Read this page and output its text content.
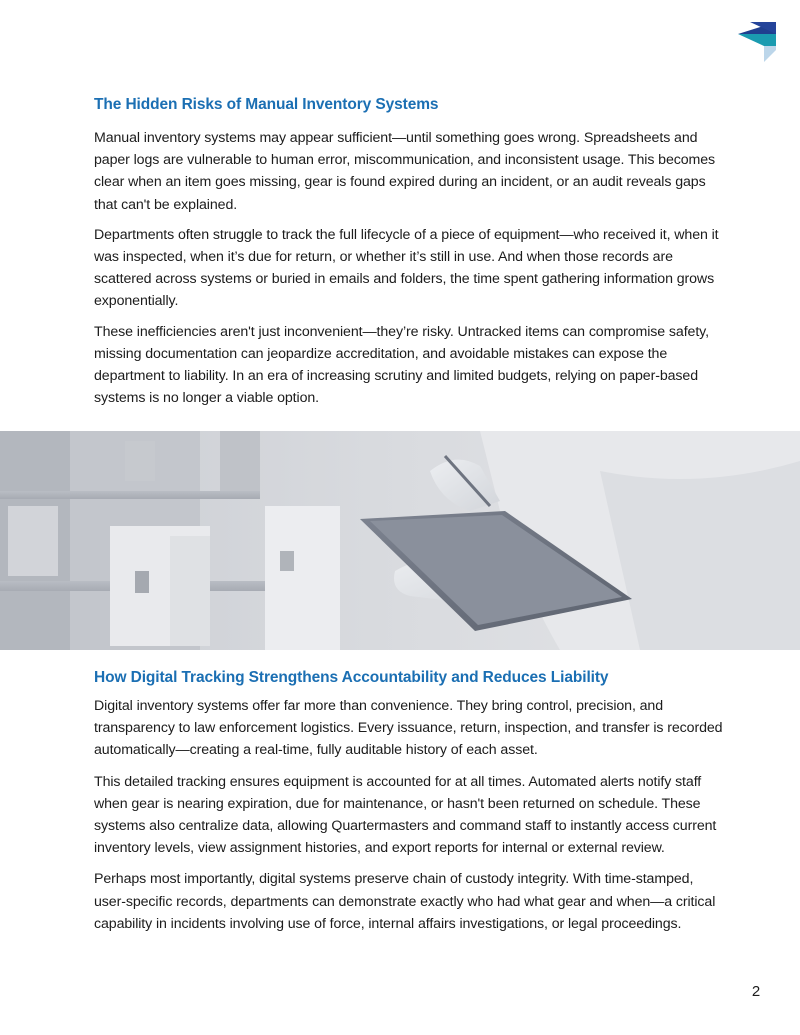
The Hidden Risks of Manual Inventory Systems

Manual inventory systems may appear sufficient—until something goes wrong. Spreadsheets and paper logs are vulnerable to human error, miscommunication, and inconsistent usage. This becomes clear when an item goes missing, gear is found expired during an incident, or an audit reveals gaps that can't be explained.

Departments often struggle to track the full lifecycle of a piece of equipment—who received it, when it was inspected, when it’s due for return, or whether it’s still in use. And when those records are scattered across systems or buried in emails and folders, the time spent gathering information grows exponentially.

These inefficiencies aren't just inconvenient—they’re risky. Untracked items can compromise safety, missing documentation can jeopardize accreditation, and avoidable mistakes can expose the department to liability. In an era of increasing scrutiny and limited budgets, relying on paper-based systems is no longer a viable option.

How Digital Tracking Strengthens Accountability and Reduces Liability

Digital inventory systems offer far more than convenience. They bring control, precision, and transparency to law enforcement logistics. Every issuance, return, inspection, and transfer is recorded automatically—creating a real-time, fully auditable history of each asset.

This detailed tracking ensures equipment is accounted for at all times. Automated alerts notify staff when gear is nearing expiration, due for maintenance, or hasn't been returned on schedule. These systems also centralize data, allowing Quartermasters and command staff to instantly access current inventory levels, view assignment histories, and export reports for internal or external review.

Perhaps most importantly, digital systems preserve chain of custody integrity. With time-stamped, user-specific records, departments can demonstrate exactly who had what gear and when—a critical capability in incidents involving use of force, internal affairs investigations, or legal proceedings.

2
